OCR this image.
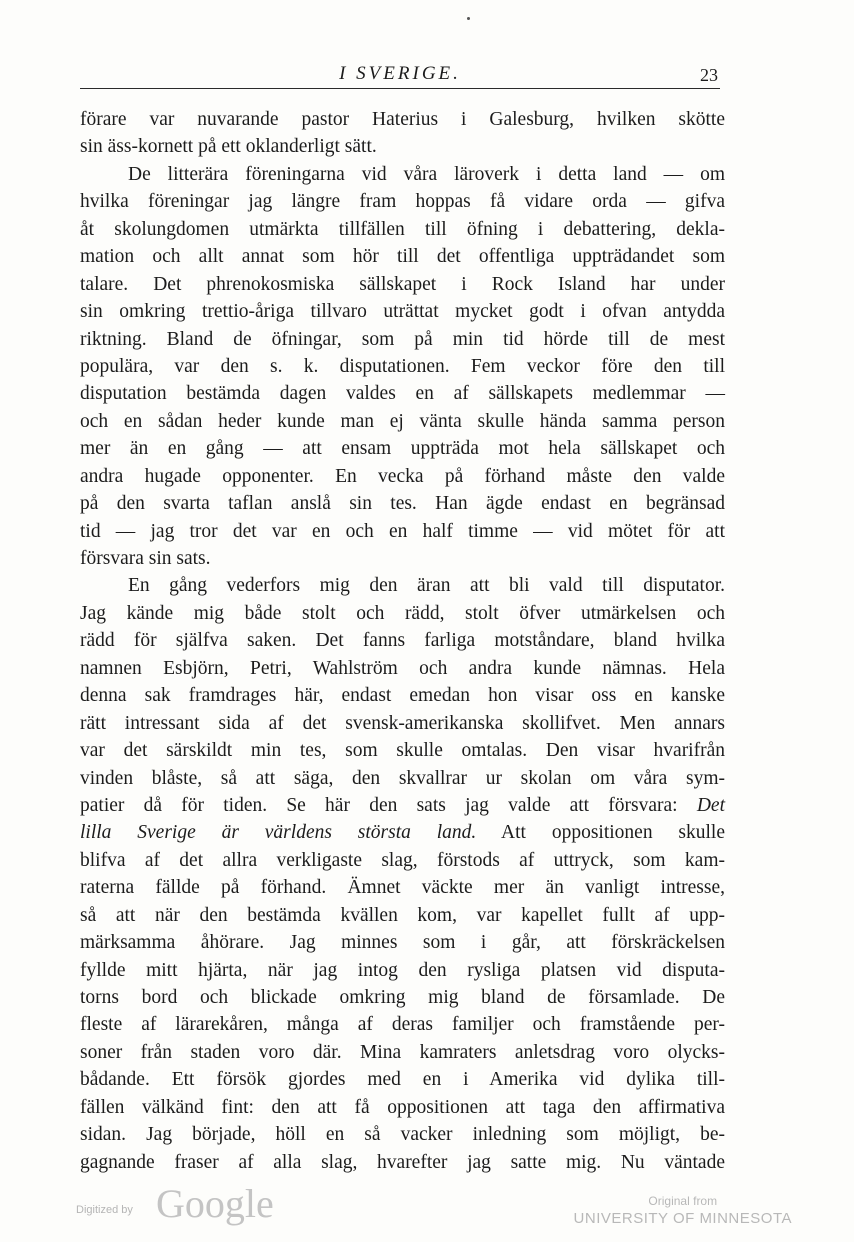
I SVERIGE.	23
förare var nuvarande pastor Haterius i Galesburg, hvilken skötte
sin äss-kornett på ett oklanderligt sätt.
De litterära föreningarna vid våra läroverk i detta land — om
hvilka föreningar jag längre fram hoppas få vidare orda — gifva
åt skolungdomen utmärkta tillfällen till öfning i debattering, dekla-
mation och allt annat som hör till det offentliga uppträdandet som
talare. Det phrenokosmiska sällskapet i Rock Island har under
sin omkring trettio-åriga tillvaro uträttat mycket godt i ofvan antydda
riktning. Bland de öfningar, som på min tid hörde till de mest
populära, var den s. k. disputationen. Fem veckor före den till
disputation bestämda dagen valdes en af sällskapets medlemmar —
och en sådan heder kunde man ej vänta skulle hända samma person
mer än en gång — att ensam uppträda mot hela sällskapet och
andra hugade opponenter. En vecka på förhand måste den valde
på den svarta taflan anslå sin tes. Han ägde endast en begränsad
tid — jag tror det var en och en half timme — vid mötet för att
försvara sin sats.
En gång vederfors mig den äran att bli vald till disputator.
Jag kände mig både stolt och rädd, stolt öfver utmärkelsen och
rädd för själfva saken. Det fanns farliga motståndare, bland hvilka
namnen Esbjörn, Petri, Wahlström och andra kunde nämnas. Hela
denna sak framdrages här, endast emedan hon visar oss en kanske
rätt intressant sida af det svensk-amerikanska skollifvet. Men annars
var det särskildt min tes, som skulle omtalas. Den visar hvarifrån
vinden blåste, så att säga, den skvallrar ur skolan om våra sym-
patier då för tiden. Se här den sats jag valde att försvara: Det
lilla Sverige är världens största land. Att oppositionen skulle
blifva af det allra verkligaste slag, förstods af uttryck, som kam-
raterna fällde på förhand. Ämnet väckte mer än vanligt intresse,
så att när den bestämda kvällen kom, var kapellet fullt af upp-
märksamma åhörare. Jag minnes som i går, att förskräckelsen
fyllde mitt hjärta, när jag intog den rysliga platsen vid disputa-
torns bord och blickade omkring mig bland de församlade. De
fleste af lärarekåren, många af deras familjer och framstående per-
soner från staden voro där. Mina kamraters anletsdrag voro olycks-
bådande. Ett försök gjordes med en i Amerika vid dylika till-
fällen välkänd fint: den att få oppositionen att taga den affirmativa
sidan. Jag började, höll en så vacker inledning som möjligt, be-
gagnande fraser af alla slag, hvarefter jag satte mig. Nu väntade
Digitized by Google	Original from
UNIVERSITY OF MINNESOTA
